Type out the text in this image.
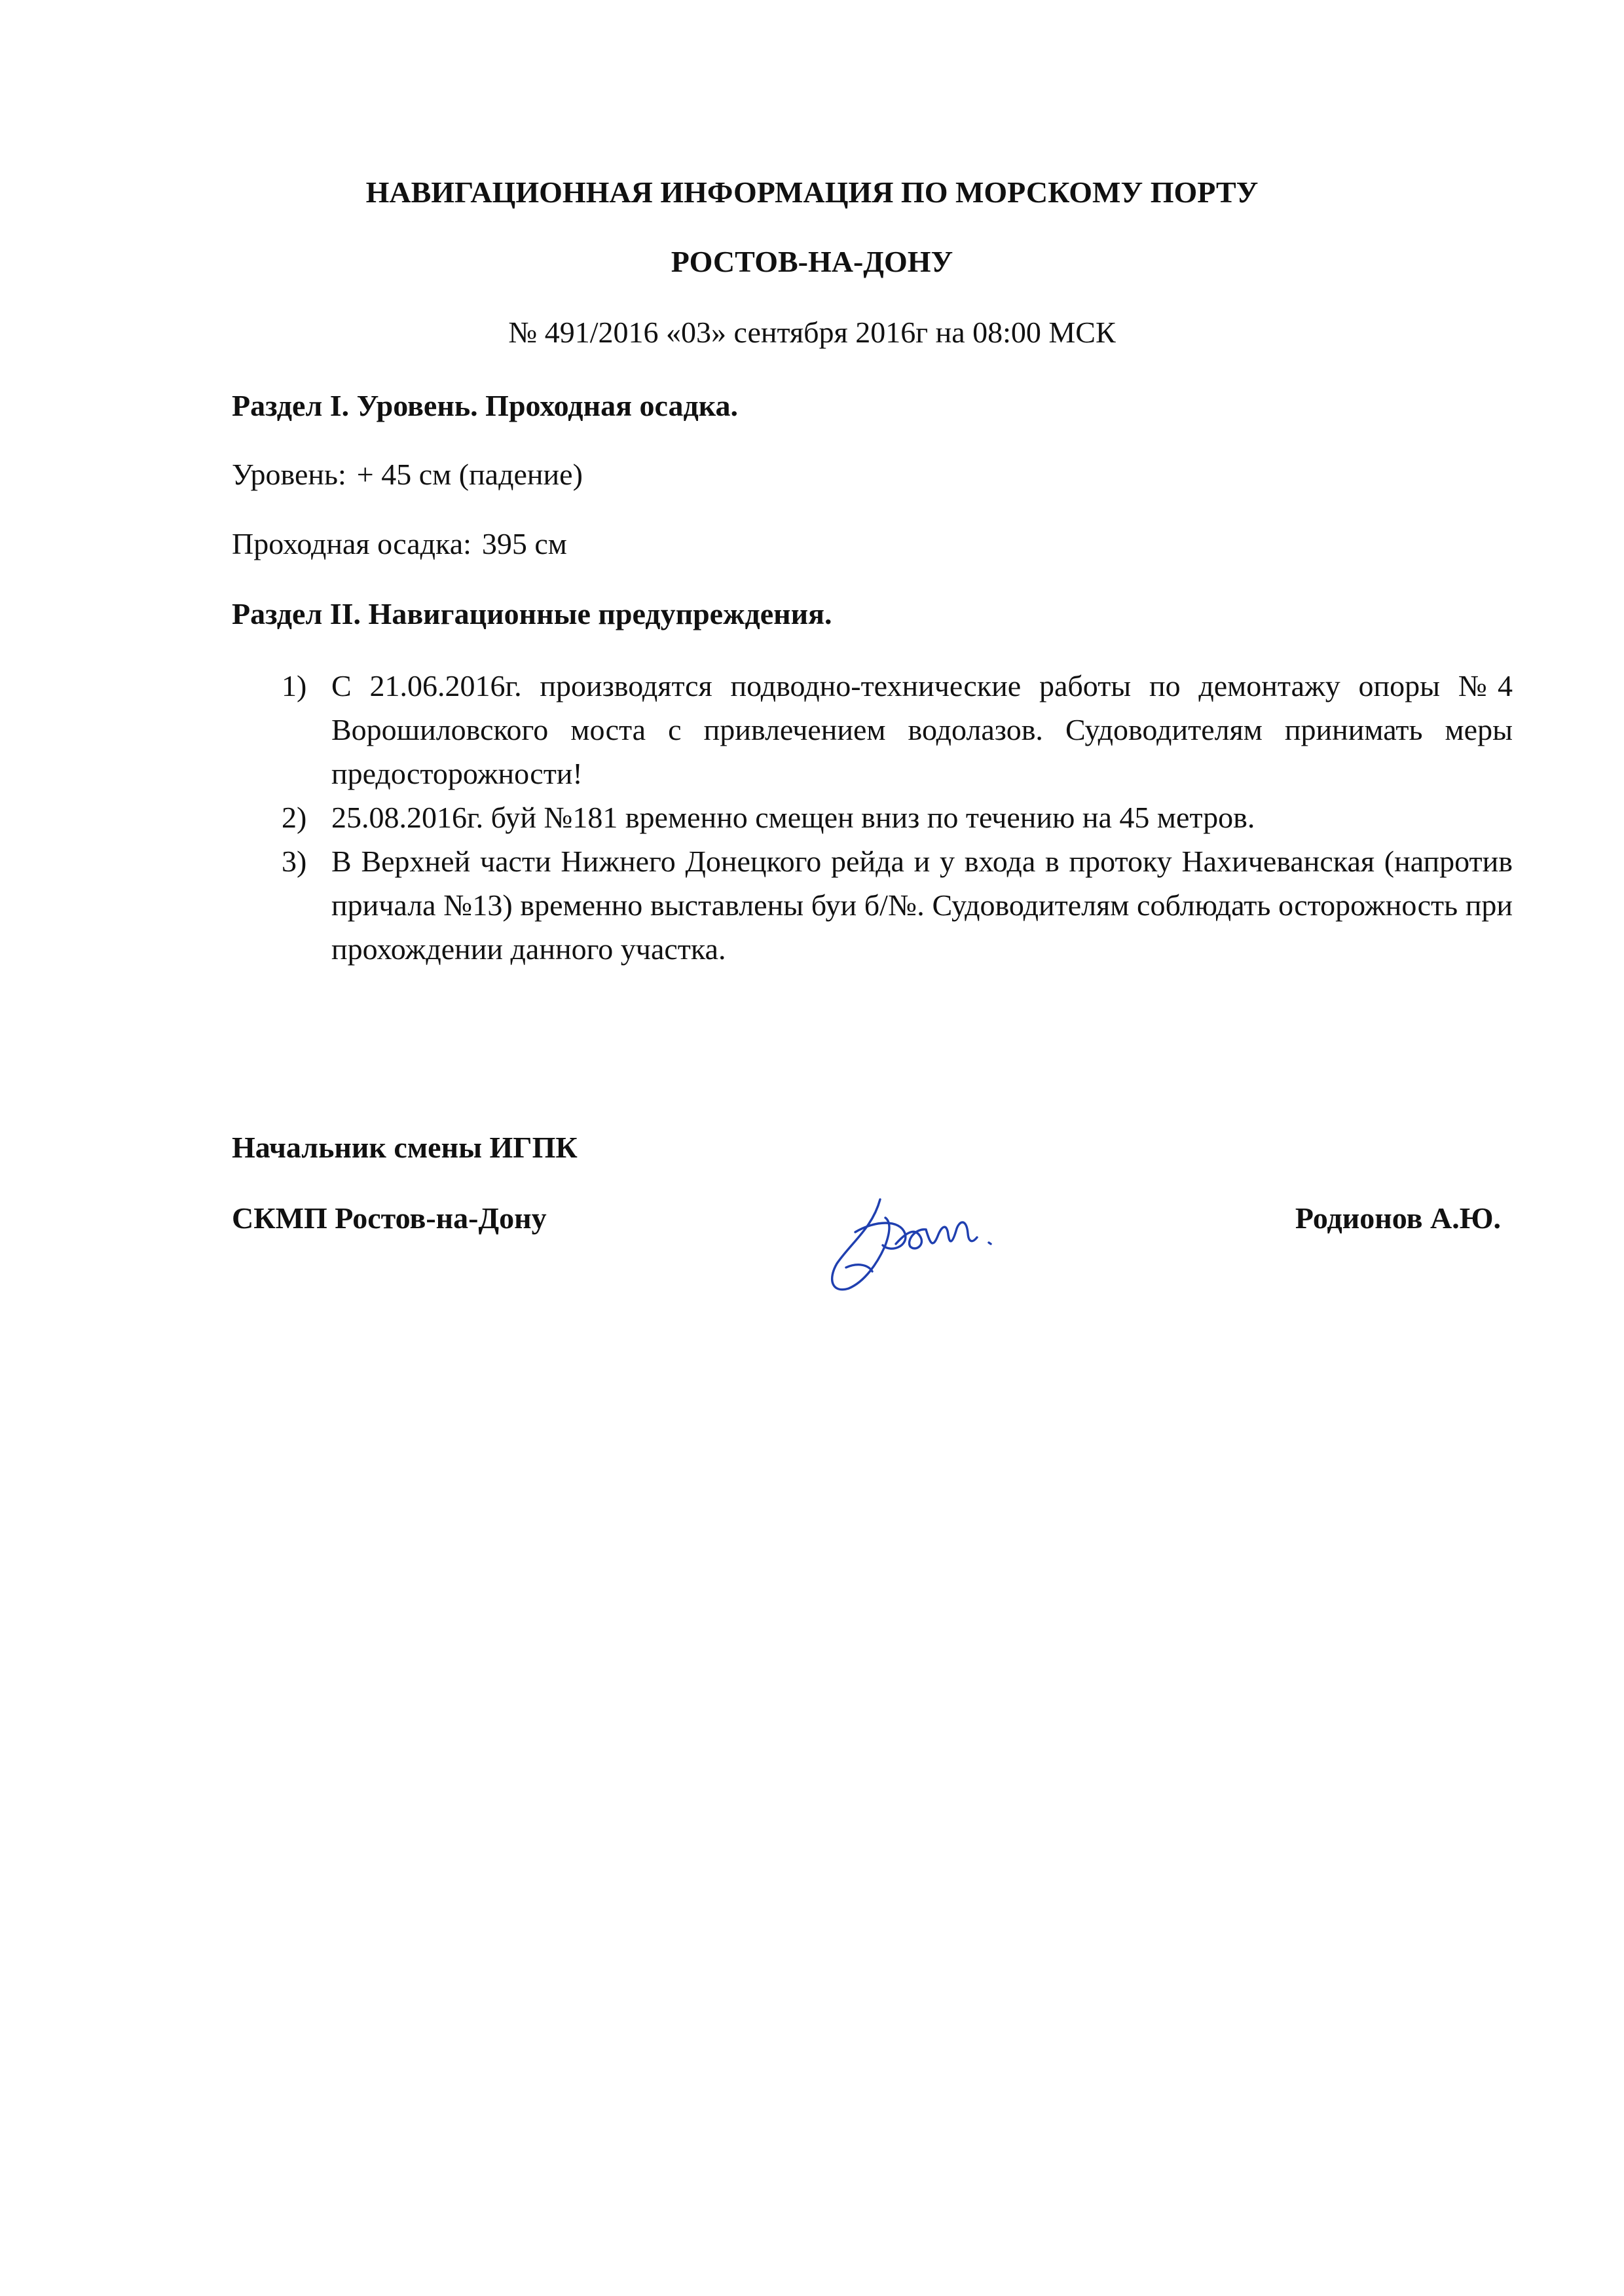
НАВИГАЦИОННАЯ ИНФОРМАЦИЯ ПО МОРСКОМУ ПОРТУ
РОСТОВ-НА-ДОНУ
№ 491/2016 «03» сентября 2016г на 08:00 МСК
Раздел I. Уровень. Проходная осадка.
Уровень: + 45 см (падение)
Проходная осадка: 395 см
Раздел II. Навигационные предупреждения.
1) С 21.06.2016г. производятся подводно-технические работы по демонтажу опоры №4 Ворошиловского моста с привлечением водолазов. Судоводителям принимать меры предосторожности!
2) 25.08.2016г. буй №181 временно смещен вниз по течению на 45 метров.
3) В Верхней части Нижнего Донецкого рейда и у входа в протоку Нахичеванская (напротив причала №13) временно выставлены буи б/№. Судоводителям соблюдать осторожность при прохождении данного участка.
Начальник смены ИГПК
СКМП Ростов-на-Дону	Родионов А.Ю.
